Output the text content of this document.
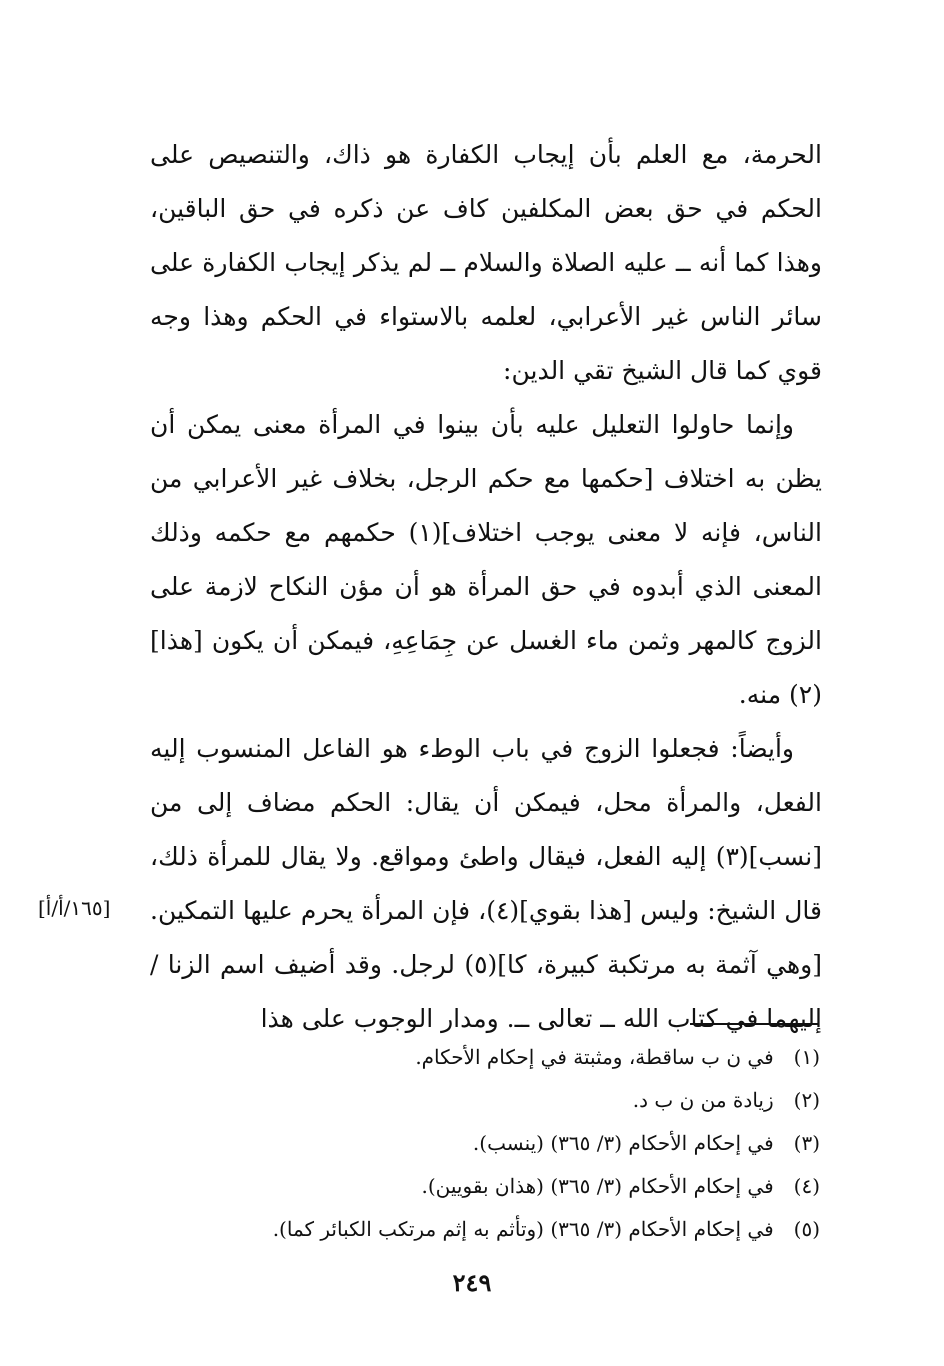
الحرمة، مع العلم بأن إيجاب الكفارة هو ذاك، والتنصيص على الحكم في حق بعض المكلفين كاف عن ذكره في حق الباقين، وهذا كما أنه ــ عليه الصلاة والسلام ــ لم يذكر إيجاب الكفارة على سائر الناس غير الأعرابي، لعلمه بالاستواء في الحكم وهذا وجه قوي كما قال الشيخ تقي الدين:

وإنما حاولوا التعليل عليه بأن بينوا في المرأة معنى يمكن أن يظن به اختلاف [حكمها مع حكم الرجل، بخلاف غير الأعرابي من الناس، فإنه لا معنى يوجب اختلاف](١) حكمهم مع حكمه وذلك المعنى الذي أبدوه في حق المرأة هو أن مؤن النكاح لازمة على الزوج كالمهر وثمن ماء الغسل عن جِمَاعِهِ، فيمكن أن يكون [هذا](٢) منه.

وأيضاً: فجعلوا الزوج في باب الوطء هو الفاعل المنسوب إليه الفعل، والمرأة محل، فيمكن أن يقال: الحكم مضاف إلى من [نسب](٣) إليه الفعل، فيقال واطئ ومواقع. ولا يقال للمرأة ذلك، قال الشيخ: وليس [هذا بقوي](٤)، فإن المرأة يحرم عليها التمكين. [وهي آثمة به مرتكبة كبيرة، كا](٥) لرجل. وقد أضيف اسم الزنا / إليهما في كتاب الله ــ تعالى ــ. ومدار الوجوب على هذا

[١٦٥/أ/أ]
(١) في ن ب ساقطة، ومثبتة في إحكام الأحكام.
(٢) زيادة من ن ب د.
(٣) في إحكام الأحكام (٣/ ٣٦٥) (ينسب).
(٤) في إحكام الأحكام (٣/ ٣٦٥) (هذان بقويين).
(٥) في إحكام الأحكام (٣/ ٣٦٥) (وتأثم به إثم مرتكب الكبائر كما).
٢٤٩
